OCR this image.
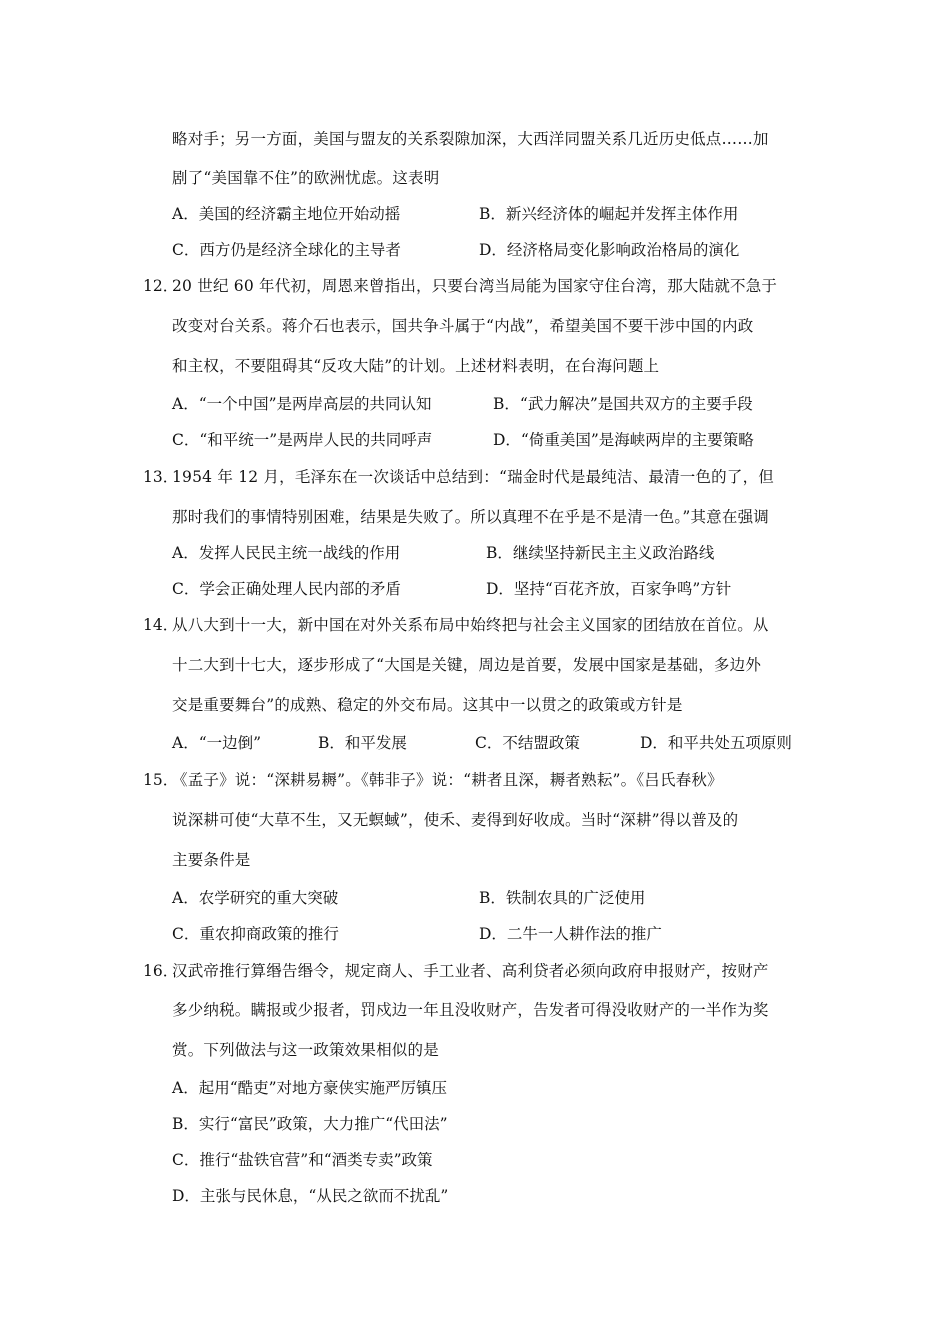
略对手；另一方面，美国与盟友的关系裂隙加深，大西洋同盟关系几近历史低点……加
剧了“美国靠不住”的欧洲忧虑。这表明
A．美国的经济霸主地位开始动摇	B．新兴经济体的崛起并发挥主体作用
C．西方仍是经济全球化的主导者	D．经济格局变化影响政治格局的演化
12．
20 世纪 60 年代初，周恩来曾指出，只要台湾当局能为国家守住台湾，那大陆就不急于
改变对台关系。蒋介石也表示，国共争斗属于“内战”，希望美国不要干涉中国的内政
和主权，不要阻碍其“反攻大陆”的计划。上述材料表明，在台海问题上
A．“一个中国”是两岸高层的共同认知	B．“武力解决”是国共双方的主要手段
C．“和平统一”是两岸人民的共同呼声	D．“倚重美国”是海峡两岸的主要策略
13．
1954 年 12 月，毛泽东在一次谈话中总结到：“瑞金时代是最纯洁、最清一色的了，但
那时我们的事情特别困难，结果是失败了。所以真理不在乎是不是清一色。”其意在强调
A．发挥人民民主统一战线的作用	B．继续坚持新民主主义政治路线
C．学会正确处理人民内部的矛盾	D．坚持“百花齐放，百家争鸣”方针
14．
从八大到十一大，新中国在对外关系布局中始终把与社会主义国家的团结放在首位。从
十二大到十七大，逐步形成了“大国是关键，周边是首要，发展中国家是基础，多边外
交是重要舞台”的成熟、稳定的外交布局。这其中一以贯之的政策或方针是
A．“一边倒”	B．和平发展	C．不结盟政策	D．和平共处五项原则
15．
《孟子》说：“深耕易耨”。《韩非子》说：“耕者且深，耨者熟耘”。《吕氏春秋》
说深耕可使“大草不生，又无螟蜮”，使禾、麦得到好收成。当时“深耕”得以普及的
主要条件是
A．农学研究的重大突破	B．铁制农具的广泛使用
C．重农抑商政策的推行	D．二牛一人耕作法的推广
16．
汉武帝推行算缗告缗令，规定商人、手工业者、高利贷者必须向政府申报财产，按财产
多少纳税。瞒报或少报者，罚戍边一年且没收财产，告发者可得没收财产的一半作为奖
赏。下列做法与这一政策效果相似的是
A．起用“酷吏”对地方豪侠实施严厉镇压
B．实行“富民”政策，大力推广“代田法”
C．推行“盐铁官营”和“酒类专卖”政策
D．主张与民休息，“从民之欲而不扰乱”
